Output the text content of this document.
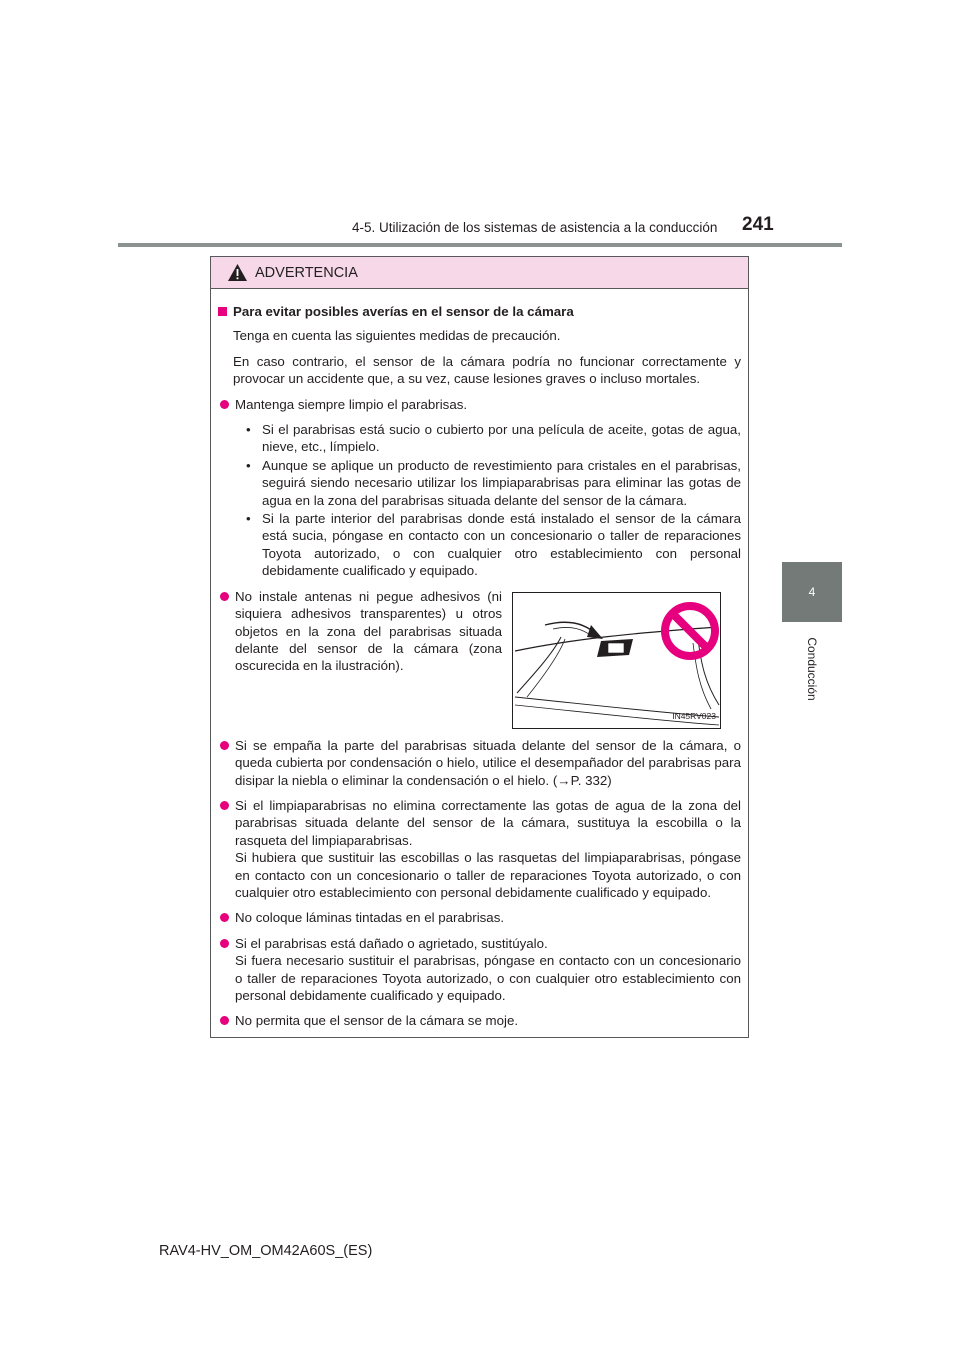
4-5. Utilización de los sistemas de asistencia a la conducción 241
4
Conducción
ADVERTENCIA
Para evitar posibles averías en el sensor de la cámara
Tenga en cuenta las siguientes medidas de precaución.
En caso contrario, el sensor de la cámara podría no funcionar correctamente y provocar un accidente que, a su vez, cause lesiones graves o incluso mortales.
Mantenga siempre limpio el parabrisas.
• Si el parabrisas está sucio o cubierto por una película de aceite, gotas de agua, nieve, etc., límpielo.
• Aunque se aplique un producto de revestimiento para cristales en el parabrisas, seguirá siendo necesario utilizar los limpiaparabrisas para eliminar las gotas de agua en la zona del parabrisas situada delante del sensor de la cámara.
• Si la parte interior del parabrisas donde está instalado el sensor de la cámara está sucia, póngase en contacto con un concesionario o taller de reparaciones Toyota autorizado, o con cualquier otro establecimiento con personal debidamente cualificado y equipado.
No instale antenas ni pegue adhesivos (ni siquiera adhesivos transparentes) u otros objetos en la zona del parabrisas situada delante del sensor de la cámara (zona oscurecida en la ilustración).
IN45RV023
Si se empaña la parte del parabrisas situada delante del sensor de la cámara, o queda cubierta por condensación o hielo, utilice el desempañador del parabrisas para disipar la niebla o eliminar la condensación o el hielo. (→P. 332)
Si el limpiaparabrisas no elimina correctamente las gotas de agua de la zona del parabrisas situada delante del sensor de la cámara, sustituya la escobilla o la rasqueta del limpiaparabrisas.
Si hubiera que sustituir las escobillas o las rasquetas del limpiaparabrisas, póngase en contacto con un concesionario o taller de reparaciones Toyota autorizado, o con cualquier otro establecimiento con personal debidamente cualificado y equipado.
No coloque láminas tintadas en el parabrisas.
Si el parabrisas está dañado o agrietado, sustitúyalo.
Si fuera necesario sustituir el parabrisas, póngase en contacto con un concesionario o taller de reparaciones Toyota autorizado, o con cualquier otro establecimiento con personal debidamente cualificado y equipado.
No permita que el sensor de la cámara se moje.
RAV4-HV_OM_OM42A60S_(ES)
